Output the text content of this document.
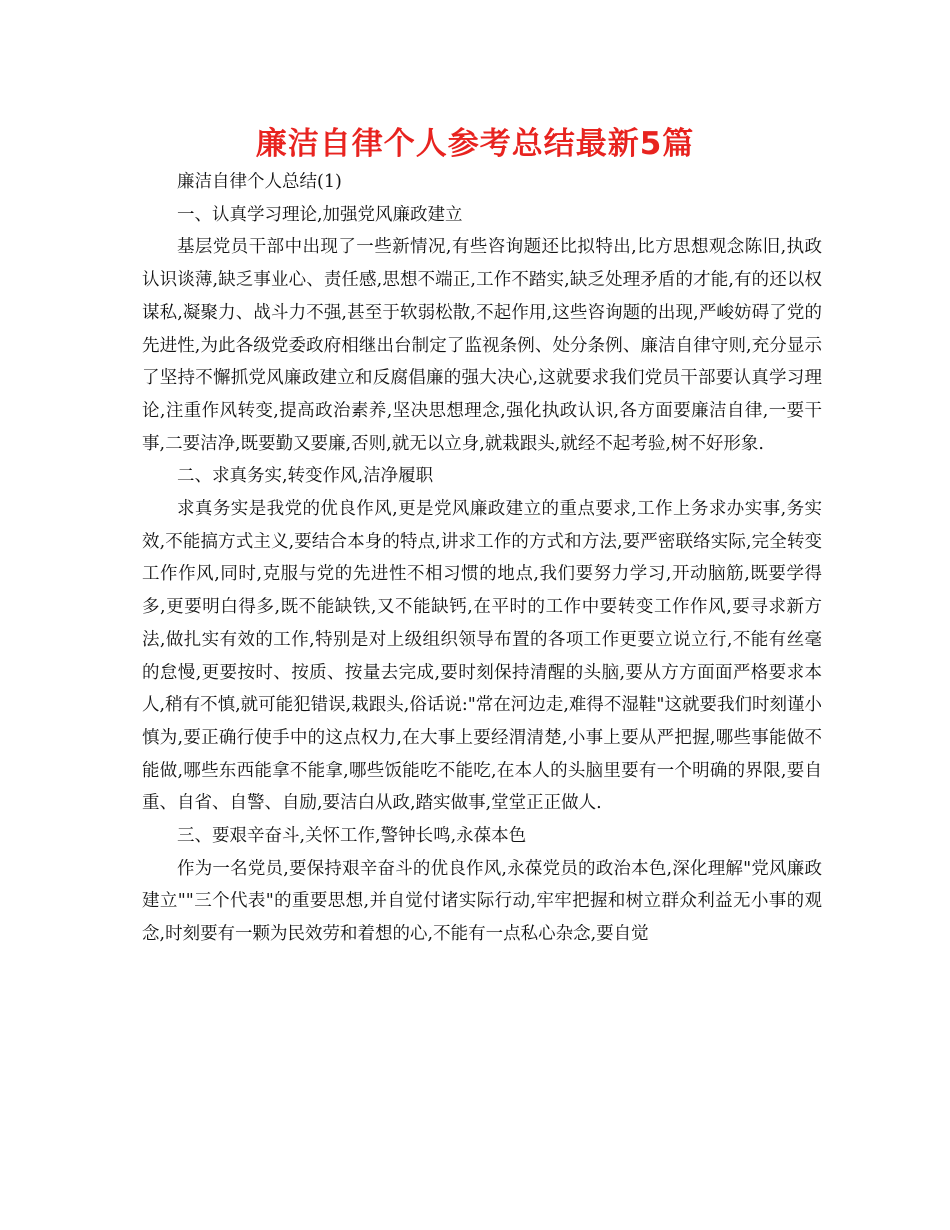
廉洁自律个人参考总结最新5篇

廉洁自律个人总结(1)

一、认真学习理论,加强党风廉政建立

基层党员干部中出现了一些新情况,有些咨询题还比拟特出,比方思想观念陈旧,执政认识谈薄,缺乏事业心、责任感,思想不端正,工作不踏实,缺乏处理矛盾的才能,有的还以权谋私,凝聚力、战斗力不强,甚至于软弱松散,不起作用,这些咨询题的出现,严峻妨碍了党的先进性,为此各级党委政府相继出台制定了监视条例、处分条例、廉洁自律守则,充分显示了坚持不懈抓党风廉政建立和反腐倡廉的强大决心,这就要求我们党员干部要认真学习理论,注重作风转变,提高政治素养,坚决思想理念,强化执政认识,各方面要廉洁自律,一要干事,二要洁净,既要勤又要廉,否则,就无以立身,就栽跟头,就经不起考验,树不好形象.

二、求真务实,转变作风,洁净履职

求真务实是我党的优良作风,更是党风廉政建立的重点要求,工作上务求办实事,务实效,不能搞方式主义,要结合本身的特点,讲求工作的方式和方法,要严密联络实际,完全转变工作作风,同时,克服与党的先进性不相习惯的地点,我们要努力学习,开动脑筋,既要学得多,更要明白得多,既不能缺铁,又不能缺钙,在平时的工作中要转变工作作风,要寻求新方法,做扎实有效的工作,特别是对上级组织领导布置的各项工作更要立说立行,不能有丝毫的怠慢,更要按时、按质、按量去完成,要时刻保持清醒的头脑,要从方方面面严格要求本人,稍有不慎,就可能犯错误,栽跟头,俗话说:"常在河边走,难得不湿鞋"这就要我们时刻谨小慎为,要正确行使手中的这点权力,在大事上要经渭清楚,小事上要从严把握,哪些事能做不能做,哪些东西能拿不能拿,哪些饭能吃不能吃,在本人的头脑里要有一个明确的界限,要自重、自省、自警、自励,要洁白从政,踏实做事,堂堂正正做人.

三、要艰辛奋斗,关怀工作,警钟长鸣,永葆本色

作为一名党员,要保持艰辛奋斗的优良作风,永葆党员的政治本色,深化理解"党风廉政建立""三个代表"的重要思想,并自觉付诸实际行动,牢牢把握和树立群众利益无小事的观念,时刻要有一颗为民效劳和着想的心,不能有一点私心杂念,要自觉
